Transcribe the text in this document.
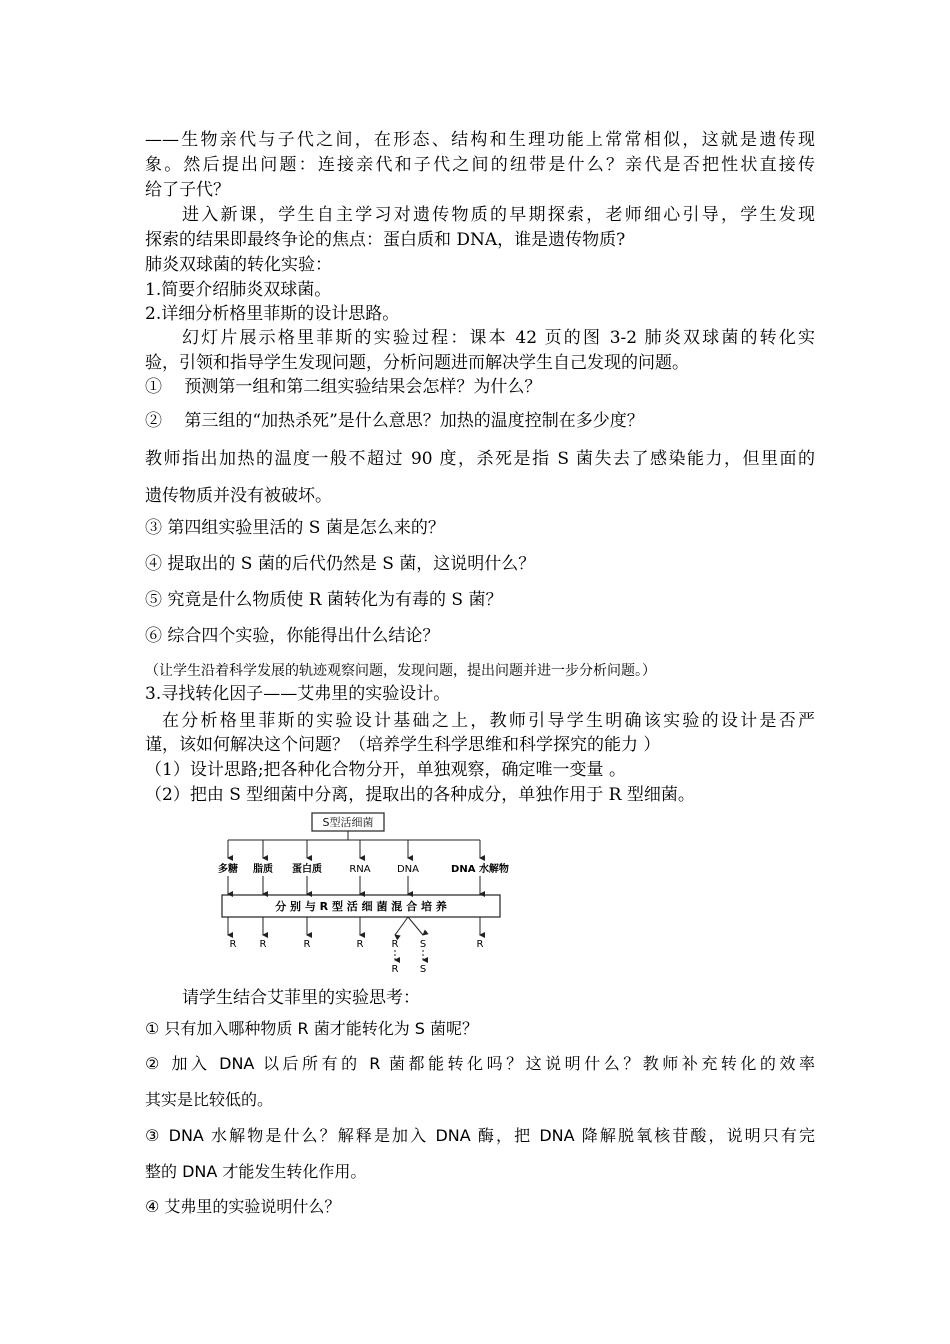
——生物亲代与子代之间，在形态、结构和生理功能上常常相似，这就是遗传现

象。然后提出问题：连接亲代和子代之间的纽带是什么？亲代是否把性状直接传

给了子代？

进入新课，学生自主学习对遗传物质的早期探索，老师细心引导，学生发现

探索的结果即最终争论的焦点：蛋白质和 DNA，谁是遗传物质?

肺炎双球菌的转化实验：

1.简要介绍肺炎双球菌。

2.详细分析格里菲斯的设计思路。

幻灯片展示格里菲斯的实验过程：课本 42 页的图 3-2 肺炎双球菌的转化实

验，引领和指导学生发现问题，分析问题进而解决学生自己发现的问题。

①　 预测第一组和第二组实验结果会怎样？为什么？

②　 第三组的“加热杀死”是什么意思？加热的温度控制在多少度？

教师指出加热的温度一般不超过 90 度，杀死是指 S 菌失去了感染能力，但里面的

遗传物质并没有被破坏。

③ 第四组实验里活的 S 菌是怎么来的？

④ 提取出的 S 菌的后代仍然是 S 菌，这说明什么？

⑤ 究竟是什么物质使 R 菌转化为有毒的 S 菌？

⑥ 综合四个实验，你能得出什么结论？

（让学生沿着科学发展的轨迹观察问题，发现问题，提出问题并进一步分析问题。）

3.寻找转化因子——艾弗里的实验设计。

在分析格里菲斯的实验设计基础之上，教师引导学生明确该实验的设计是否严

谨，该如何解决这个问题？（培养学生科学思维和科学探究的能力 ）

（1）设计思路;把各种化合物分开，单独观察，确定唯一变量 。

（2）把由 S 型细菌中分离，提取出的各种成分，单独作用于 R 型细菌。

S型活细菌
多糖 脂质 蛋白质	RNA	DNA	DNA 水解物
分 别 与 R 型 活 细 菌 混 合 培 养
R R	R	R	R S	R
R S

请学生结合艾菲里的实验思考：

① 只有加入哪种物质 R 菌才能转化为 S 菌呢？

② 加入 DNA 以后所有的 R 菌都能转化吗？这说明什么？教师补充转化的效率

其实是比较低的。

③ DNA 水解物是什么？解释是加入 DNA 酶，把 DNA 降解脱氧核苷酸，说明只有完

整的 DNA 才能发生转化作用。

④ 艾弗里的实验说明什么？
